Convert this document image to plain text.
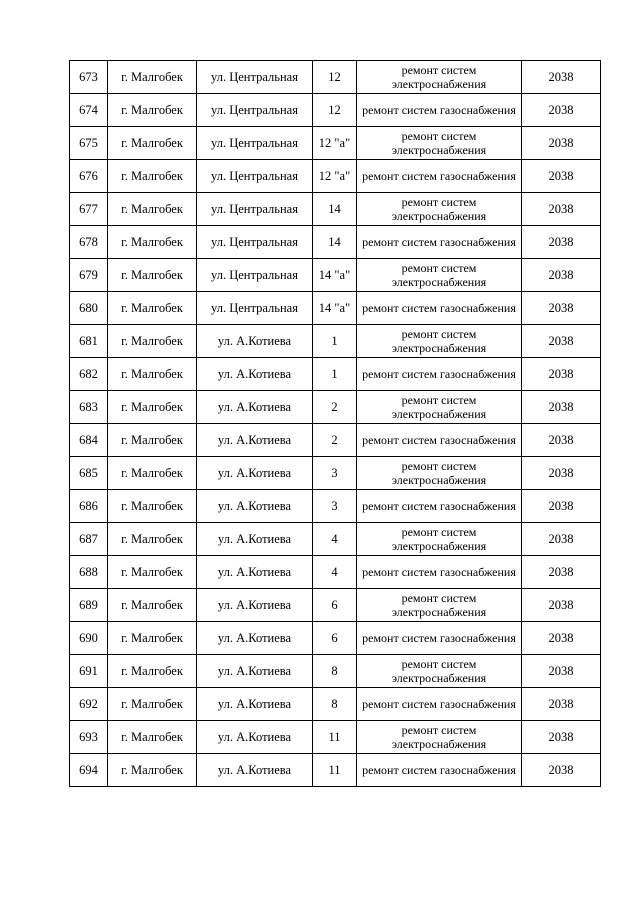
673	г. Малгобек	ул. Центральная	12	ремонт систем электроснабжения	2038
674	г. Малгобек	ул. Центральная	12	ремонт систем газоснабжения	2038
675	г. Малгобек	ул. Центральная	12 "а"	ремонт систем электроснабжения	2038
676	г. Малгобек	ул. Центральная	12 "а"	ремонт систем газоснабжения	2038
677	г. Малгобек	ул. Центральная	14	ремонт систем электроснабжения	2038
678	г. Малгобек	ул. Центральная	14	ремонт систем газоснабжения	2038
679	г. Малгобек	ул. Центральная	14 "а"	ремонт систем электроснабжения	2038
680	г. Малгобек	ул. Центральная	14 "а"	ремонт систем газоснабжения	2038
681	г. Малгобек	ул. А.Котиева	1	ремонт систем электроснабжения	2038
682	г. Малгобек	ул. А.Котиева	1	ремонт систем газоснабжения	2038
683	г. Малгобек	ул. А.Котиева	2	ремонт систем электроснабжения	2038
684	г. Малгобек	ул. А.Котиева	2	ремонт систем газоснабжения	2038
685	г. Малгобек	ул. А.Котиева	3	ремонт систем электроснабжения	2038
686	г. Малгобек	ул. А.Котиева	3	ремонт систем газоснабжения	2038
687	г. Малгобек	ул. А.Котиева	4	ремонт систем электроснабжения	2038
688	г. Малгобек	ул. А.Котиева	4	ремонт систем газоснабжения	2038
689	г. Малгобек	ул. А.Котиева	6	ремонт систем электроснабжения	2038
690	г. Малгобек	ул. А.Котиева	6	ремонт систем газоснабжения	2038
691	г. Малгобек	ул. А.Котиева	8	ремонт систем электроснабжения	2038
692	г. Малгобек	ул. А.Котиева	8	ремонт систем газоснабжения	2038
693	г. Малгобек	ул. А.Котиева	11	ремонт систем электроснабжения	2038
694	г. Малгобек	ул. А.Котиева	11	ремонт систем газоснабжения	2038
